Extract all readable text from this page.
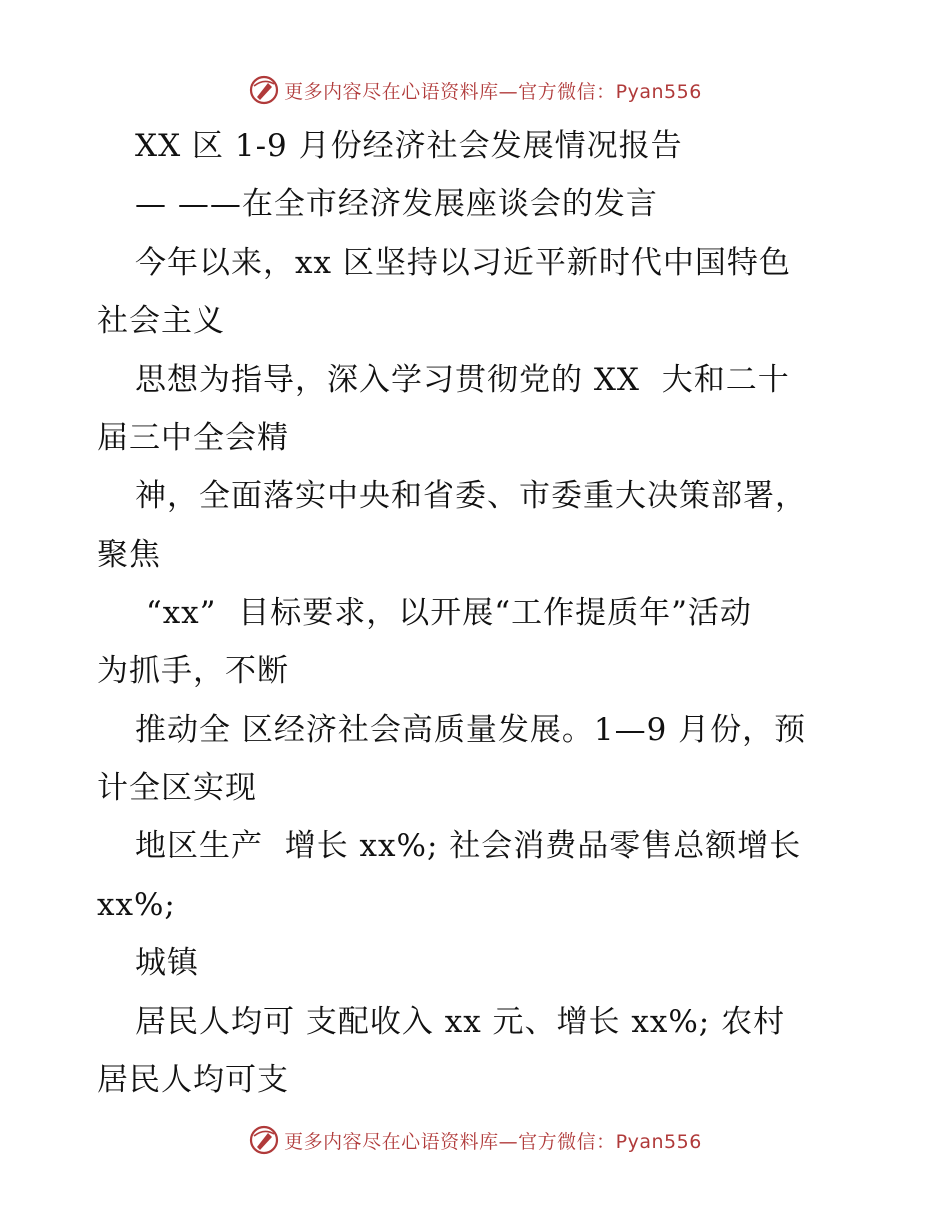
更多内容尽在心语资料库—官方微信：Pyan556
XX 区 1-9 月份经济社会发展情况报告
— ——在全市经济发展座谈会的发言
今年以来，xx 区坚持以习近平新时代中国特色
社会主义
思想为指导，深入学习贯彻党的 XX  大和二十
届三中全会精
神，全面落实中央和省委、市委重大决策部署，
聚焦
“xx”  目标要求，以开展“工作提质年”活动
为抓手，不断
推动全 区经济社会高质量发展。1—9 月份，预
计全区实现
地区生产  增长 xx%; 社会消费品零售总额增长
xx%;
城镇
居民人均可 支配收入 xx 元、增长 xx%; 农村
居民人均可支
更多内容尽在心语资料库—官方微信：Pyan556
